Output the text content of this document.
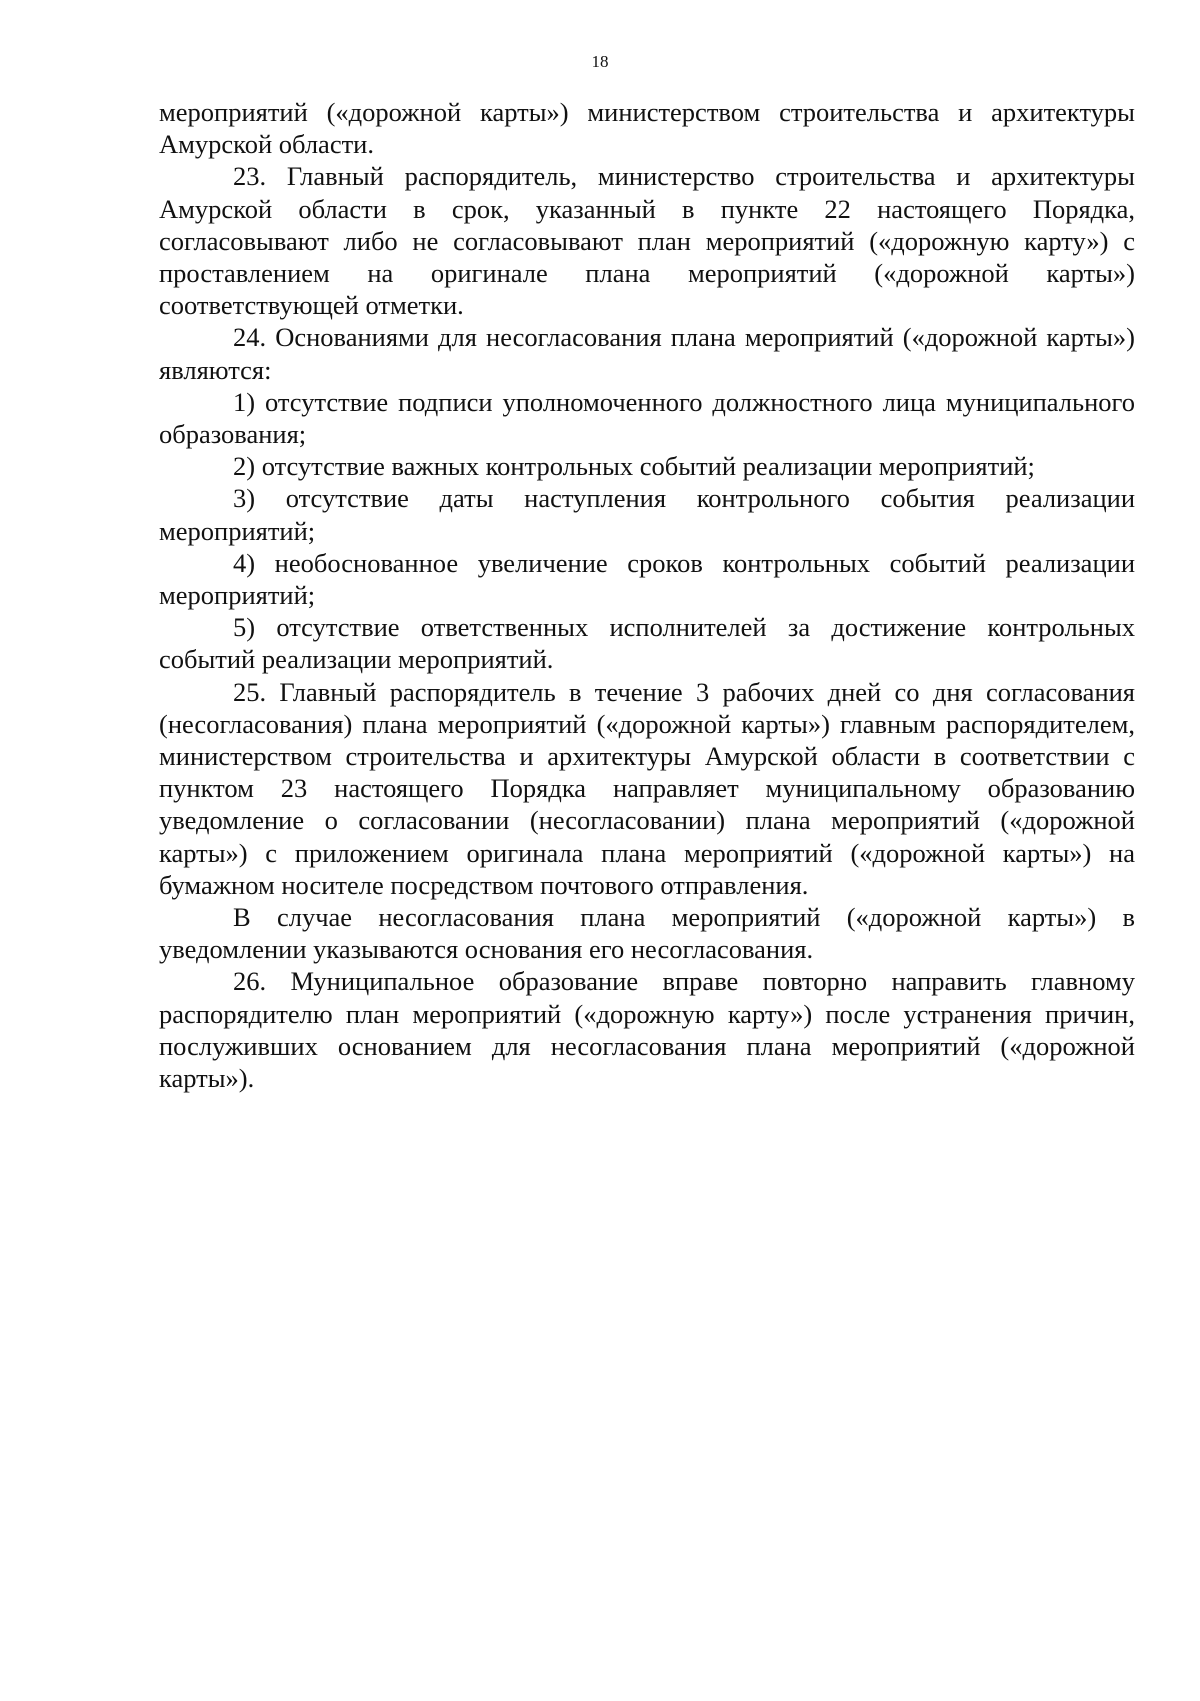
18

мероприятий («дорожной карты») министерством строительства и архитектуры Амурской области.

23. Главный распорядитель, министерство строительства и архитектуры Амурской области в срок, указанный в пункте 22 настоящего Порядка, согласовывают либо не согласовывают план мероприятий («дорожную карту») с проставлением на оригинале плана мероприятий («дорожной карты») соответствующей отметки.

24. Основаниями для несогласования плана мероприятий («дорожной карты») являются:

1) отсутствие подписи уполномоченного должностного лица муниципального образования;

2) отсутствие важных контрольных событий реализации мероприятий;

3) отсутствие даты наступления контрольного события реализации мероприятий;

4) необоснованное увеличение сроков контрольных событий реализации мероприятий;

5) отсутствие ответственных исполнителей за достижение контрольных событий реализации мероприятий.

25. Главный распорядитель в течение 3 рабочих дней со дня согласования (несогласования) плана мероприятий («дорожной карты») главным распорядителем, министерством строительства и архитектуры Амурской области в соответствии с пунктом 23 настоящего Порядка направляет муниципальному образованию уведомление о согласовании (несогласовании) плана мероприятий («дорожной карты») с приложением оригинала плана мероприятий («дорожной карты») на бумажном носителе посредством почтового отправления.

В случае несогласования плана мероприятий («дорожной карты») в уведомлении указываются основания его несогласования.

26. Муниципальное образование вправе повторно направить главному распорядителю план мероприятий («дорожную карту») после устранения причин, послуживших основанием для несогласования плана мероприятий («дорожной карты»).
